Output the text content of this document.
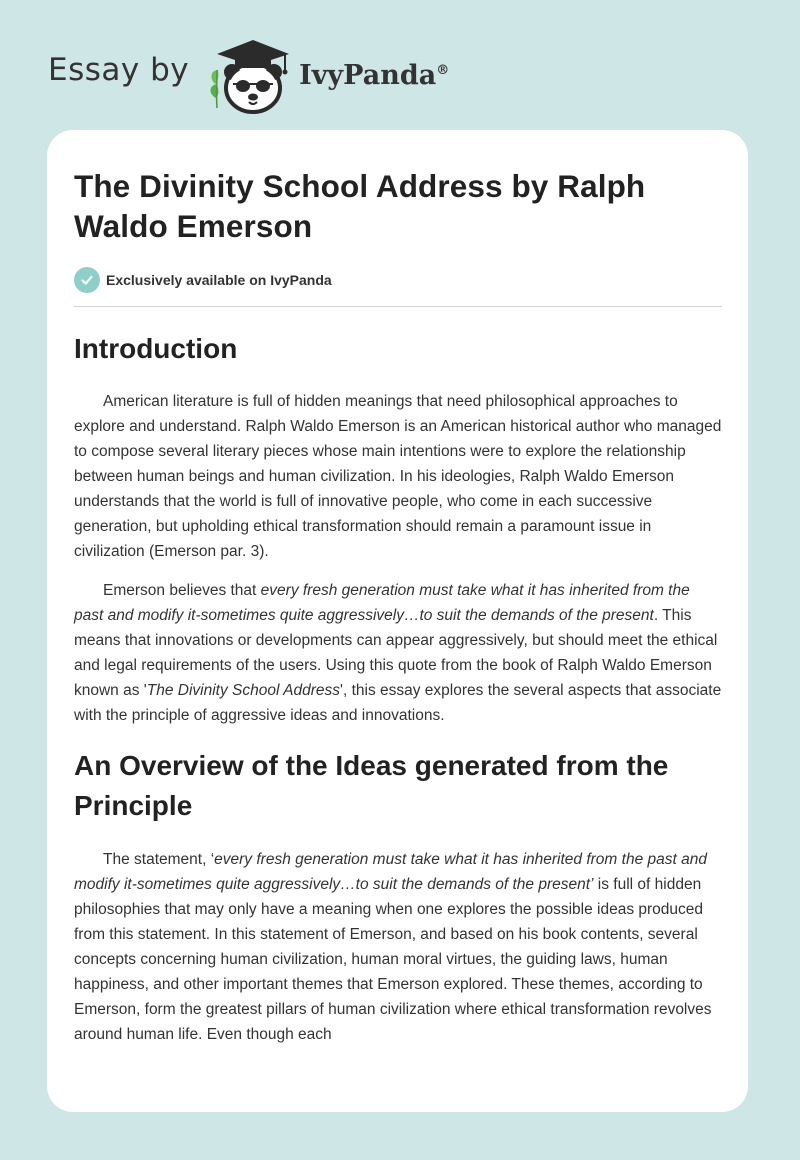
Essay by	IvyPanda®
The Divinity School Address by Ralph Waldo Emerson
Exclusively available on IvyPanda
Introduction

American literature is full of hidden meanings that need philosophical approaches to explore and understand. Ralph Waldo Emerson is an American historical author who managed to compose several literary pieces whose main intentions were to explore the relationship between human beings and human civilization. In his ideologies, Ralph Waldo Emerson understands that the world is full of innovative people, who come in each successive generation, but upholding ethical transformation should remain a paramount issue in civilization (Emerson par. 3).

Emerson believes that every fresh generation must take what it has inherited from the past and modify it-sometimes quite aggressively…to suit the demands of the present. This means that innovations or developments can appear aggressively, but should meet the ethical and legal requirements of the users. Using this quote from the book of Ralph Waldo Emerson known as 'The Divinity School Address', this essay explores the several aspects that associate with the principle of aggressive ideas and innovations.

An Overview of the Ideas generated from the Principle

The statement, ‘every fresh generation must take what it has inherited from the past and modify it-sometimes quite aggressively…to suit the demands of the present’ is full of hidden philosophies that may only have a meaning when one explores the possible ideas produced from this statement. In this statement of Emerson, and based on his book contents, several concepts concerning human civilization, human moral virtues, the guiding laws, human happiness, and other important themes that Emerson explored. These themes, according to Emerson, form the greatest pillars of human civilization where ethical transformation revolves around human life. Even though each
